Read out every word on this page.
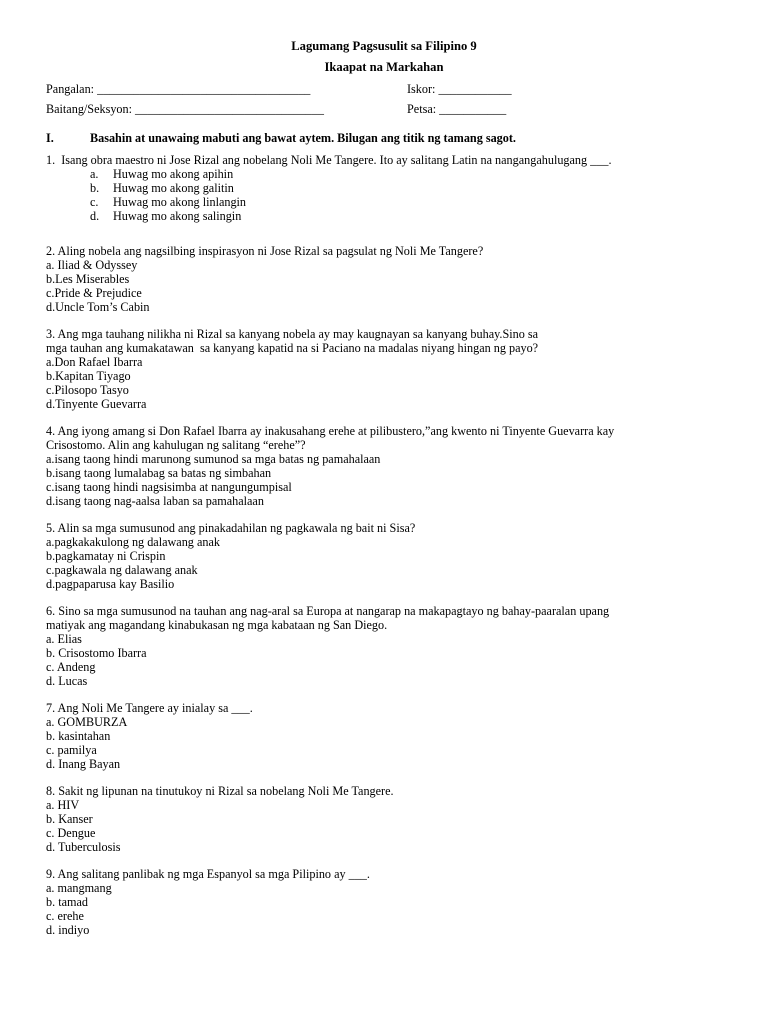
Lagumang Pagsusulit sa Filipino 9
Ikaapat na Markahan
Pangalan: ___________________________________	Iskor: ____________
Baitang/Seksyon: _______________________________	Petsa: ___________
I.	Basahin at unawaing mabuti ang bawat aytem. Bilugan ang titik ng tamang sagot.
1.  Isang obra maestro ni Jose Rizal ang nobelang Noli Me Tangere. Ito ay salitang Latin na nangangahulugang ___.
a. Huwag mo akong apihin
b. Huwag mo akong galitin
c. Huwag mo akong linlangin
d. Huwag mo akong salingin
2. Aling nobela ang nagsilbing inspirasyon ni Jose Rizal sa pagsulat ng Noli Me Tangere?
a. Iliad & Odyssey
b.Les Miserables
c.Pride & Prejudice
d.Uncle Tom’s Cabin
3. Ang mga tauhang nilikha ni Rizal sa kanyang nobela ay may kaugnayan sa kanyang buhay.Sino sa
mga tauhan ang kumakatawan  sa kanyang kapatid na si Paciano na madalas niyang hingan ng payo?
a.Don Rafael Ibarra
b.Kapitan Tiyago
c.Pilosopo Tasyo
d.Tinyente Guevarra
4. Ang iyong amang si Don Rafael Ibarra ay inakusahang erehe at pilibustero,”ang kwento ni Tinyente Guevarra kay
Crisostomo. Alin ang kahulugan ng salitang “erehe”?
a.isang taong hindi marunong sumunod sa mga batas ng pamahalaan
b.isang taong lumalabag sa batas ng simbahan
c.isang taong hindi nagsisimba at nangungumpisal
d.isang taong nag-aalsa laban sa pamahalaan
5. Alin sa mga sumusunod ang pinakadahilan ng pagkawala ng bait ni Sisa?
a.pagkakakulong ng dalawang anak
b.pagkamatay ni Crispin
c.pagkawala ng dalawang anak
d.pagpaparusa kay Basilio
6. Sino sa mga sumusunod na tauhan ang nag-aral sa Europa at nangarap na makapagtayo ng bahay-paaralan upang
matiyak ang magandang kinabukasan ng mga kabataan ng San Diego.
a. Elias
b. Crisostomo Ibarra
c. Andeng
d. Lucas
7. Ang Noli Me Tangere ay inialay sa ___.
a. GOMBURZA
b. kasintahan
c. pamilya
d. Inang Bayan
8. Sakit ng lipunan na tinutukoy ni Rizal sa nobelang Noli Me Tangere.
a. HIV
b. Kanser
c. Dengue
d. Tuberculosis
9. Ang salitang panlibak ng mga Espanyol sa mga Pilipino ay ___.
a. mangmang
b. tamad
c. erehe
d. indiyo
